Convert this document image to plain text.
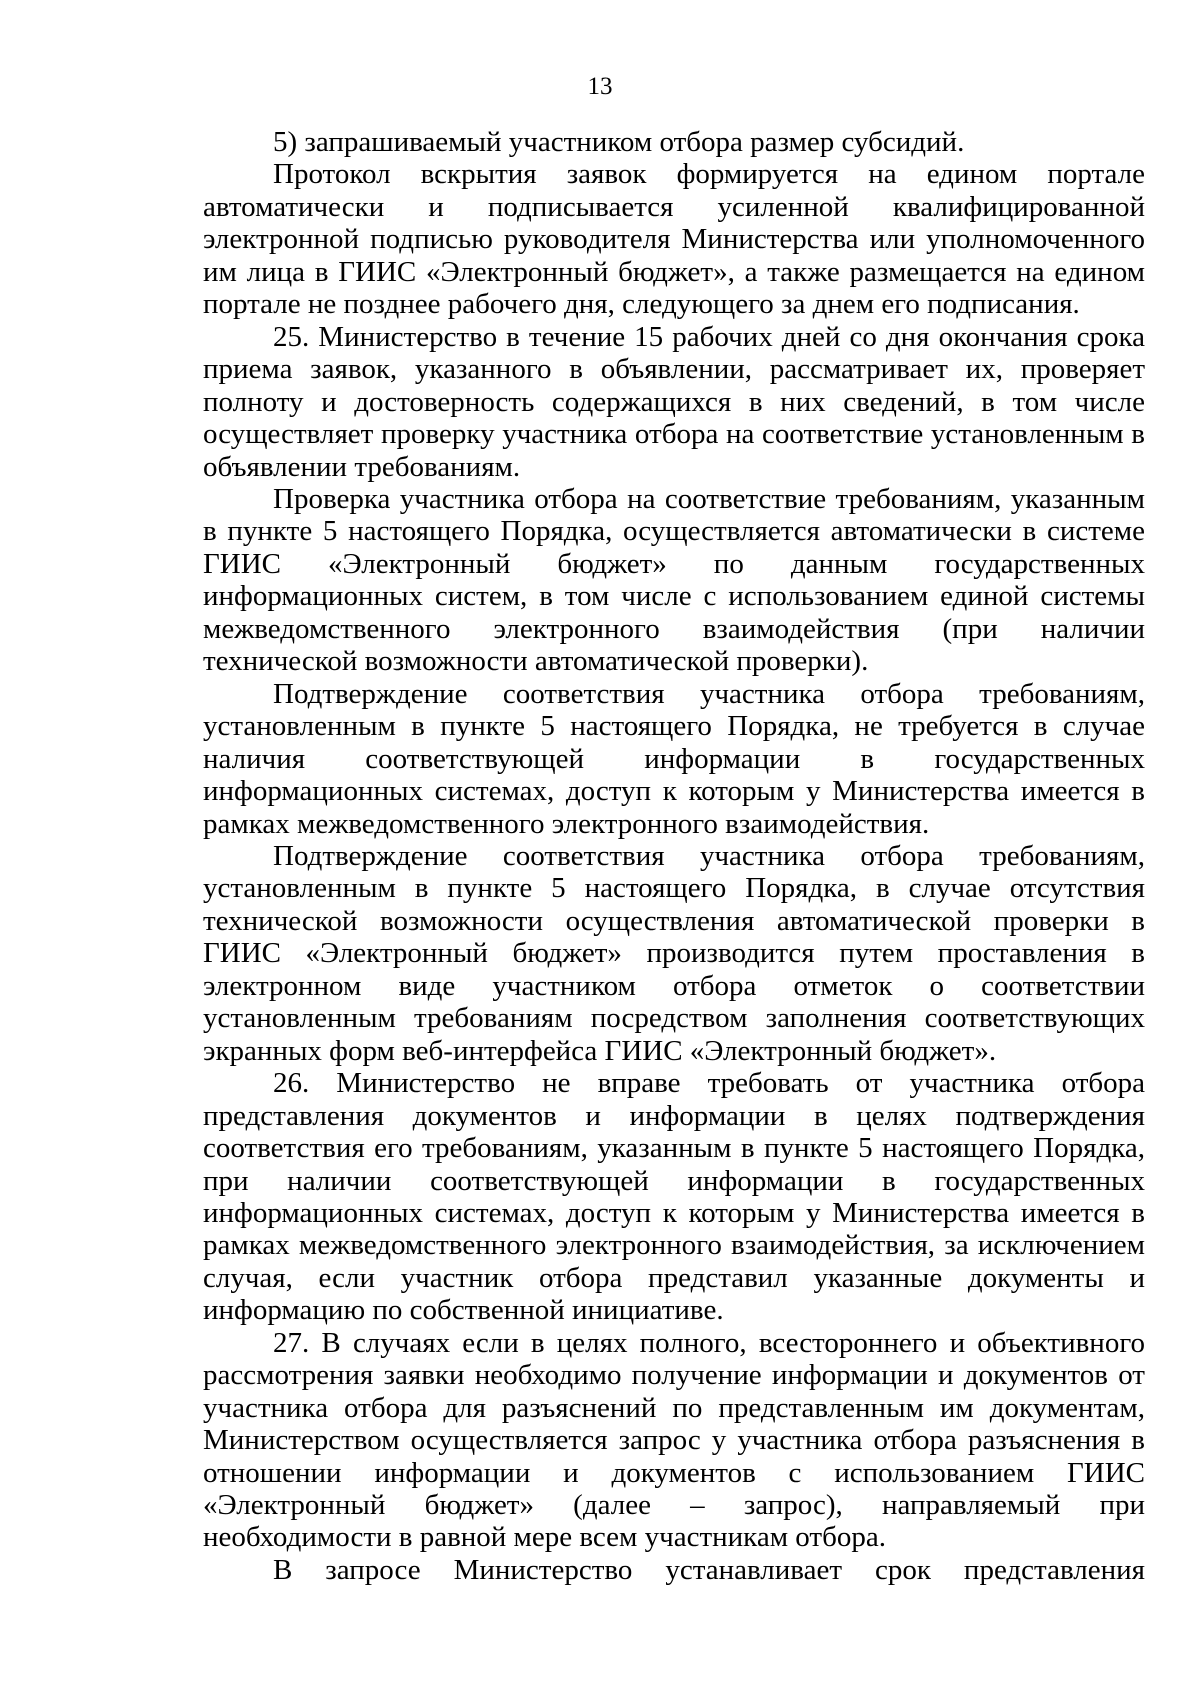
13

5) запрашиваемый участником отбора размер субсидий.

Протокол вскрытия заявок формируется на едином портале автоматически и подписывается усиленной квалифицированной электронной подписью руководителя Министерства или уполномоченного им лица в ГИИС «Электронный бюджет», а также размещается на едином портале не позднее рабочего дня, следующего за днем его подписания.

25. Министерство в течение 15 рабочих дней со дня окончания срока приема заявок, указанного в объявлении, рассматривает их, проверяет полноту и достоверность содержащихся в них сведений, в том числе осуществляет проверку участника отбора на соответствие установленным в объявлении требованиям.

Проверка участника отбора на соответствие требованиям, указанным в пункте 5 настоящего Порядка, осуществляется автоматически в системе ГИИС «Электронный бюджет» по данным государственных информационных систем, в том числе с использованием единой системы межведомственного электронного взаимодействия (при наличии технической возможности автоматической проверки).

Подтверждение соответствия участника отбора требованиям, установленным в пункте 5 настоящего Порядка, не требуется в случае наличия соответствующей информации в государственных информационных системах, доступ к которым у Министерства имеется в рамках межведомственного электронного взаимодействия.

Подтверждение соответствия участника отбора требованиям, установленным в пункте 5 настоящего Порядка, в случае отсутствия технической возможности осуществления автоматической проверки в ГИИС «Электронный бюджет» производится путем проставления в электронном виде участником отбора отметок о соответствии установленным требованиям посредством заполнения соответствующих экранных форм веб-интерфейса ГИИС «Электронный бюджет».

26. Министерство не вправе требовать от участника отбора представления документов и информации в целях подтверждения соответствия его требованиям, указанным в пункте 5 настоящего Порядка, при наличии соответствующей информации в государственных информационных системах, доступ к которым у Министерства имеется в рамках межведомственного электронного взаимодействия, за исключением случая, если участник отбора представил указанные документы и информацию по собственной инициативе.

27. В случаях если в целях полного, всестороннего и объективного рассмотрения заявки необходимо получение информации и документов от участника отбора для разъяснений по представленным им документам, Министерством осуществляется запрос у участника отбора разъяснения в отношении информации и документов с использованием ГИИС «Электронный бюджет» (далее – запрос), направляемый при необходимости в равной мере всем участникам отбора.

В запросе Министерство устанавливает срок представления
